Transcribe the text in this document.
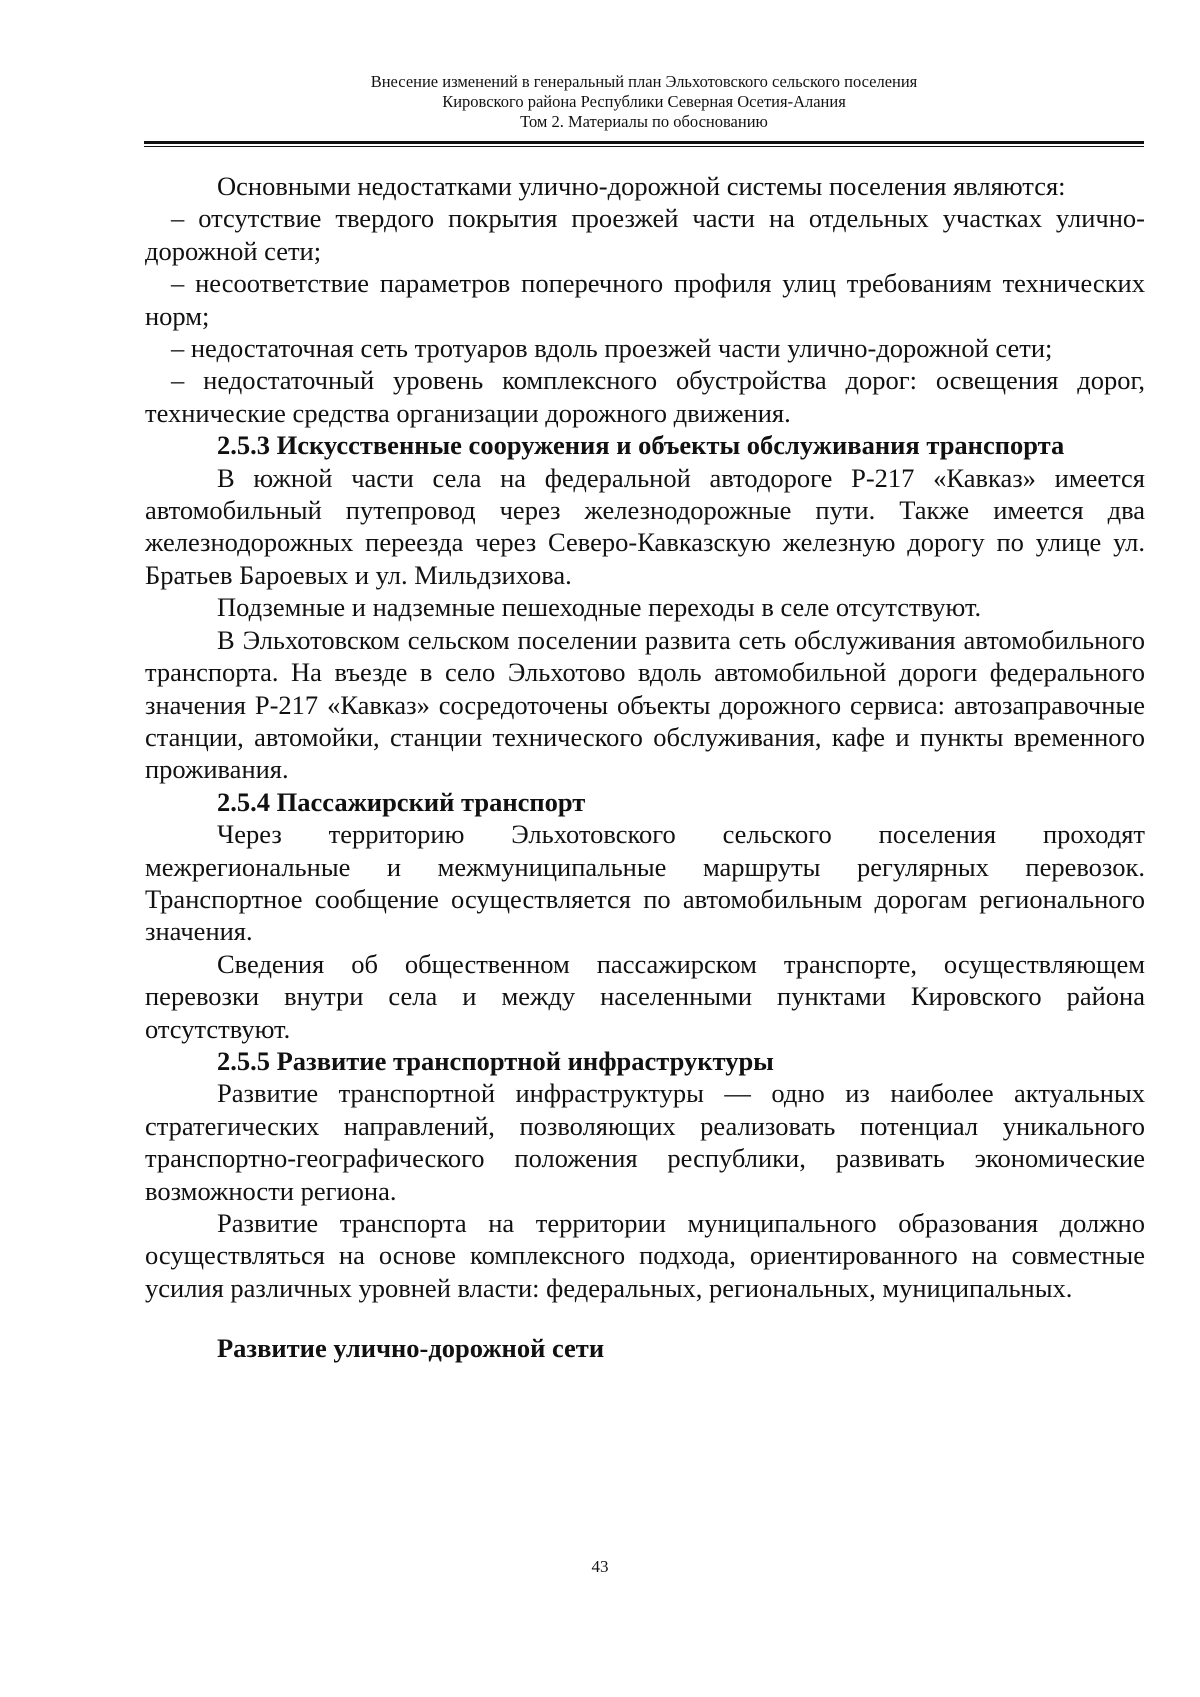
Внесение изменений в генеральный план Эльхотовского сельского поселения
Кировского района Республики Северная Осетия-Алания
Том 2. Материалы по обоснованию

Основными недостатками улично-дорожной системы поселения являются:

– отсутствие твердого покрытия проезжей части на отдельных участках улично-дорожной сети;

– несоответствие параметров поперечного профиля улиц требованиям технических норм;

– недостаточная сеть тротуаров вдоль проезжей части улично-дорожной сети;

– недостаточный уровень комплексного обустройства дорог: освещения дорог, технические средства организации дорожного движения.

2.5.3 Искусственные сооружения и объекты обслуживания транспорта

В южной части села на федеральной автодороге Р-217 «Кавказ» имеется автомобильный путепровод через железнодорожные пути. Также имеется два железнодорожных переезда через Северо-Кавказскую железную дорогу по улице ул. Братьев Бароевых и ул. Мильдзихова.

Подземные и надземные пешеходные переходы в селе отсутствуют.

В Эльхотовском сельском поселении развита сеть обслуживания автомобильного транспорта. На въезде в село Эльхотово вдоль автомобильной дороги федерального значения Р-217 «Кавказ» сосредоточены объекты дорожного сервиса: автозаправочные станции, автомойки, станции технического обслуживания, кафе и пункты временного проживания.

2.5.4 Пассажирский транспорт

Через территорию Эльхотовского сельского поселения проходят межрегиональные и межмуниципальные маршруты регулярных перевозок. Транспортное сообщение осуществляется по автомобильным дорогам регионального значения.

Сведения об общественном пассажирском транспорте, осуществляющем перевозки внутри села и между населенными пунктами Кировского района отсутствуют.

2.5.5 Развитие транспортной инфраструктуры

Развитие транспортной инфраструктуры — одно из наиболее актуальных стратегических направлений, позволяющих реализовать потенциал уникального транспортно-географического положения республики, развивать экономические возможности региона.

Развитие транспорта на территории муниципального образования должно осуществляться на основе комплексного подхода, ориентированного на совместные усилия различных уровней власти: федеральных, региональных, муниципальных.

Развитие улично-дорожной сети

43
